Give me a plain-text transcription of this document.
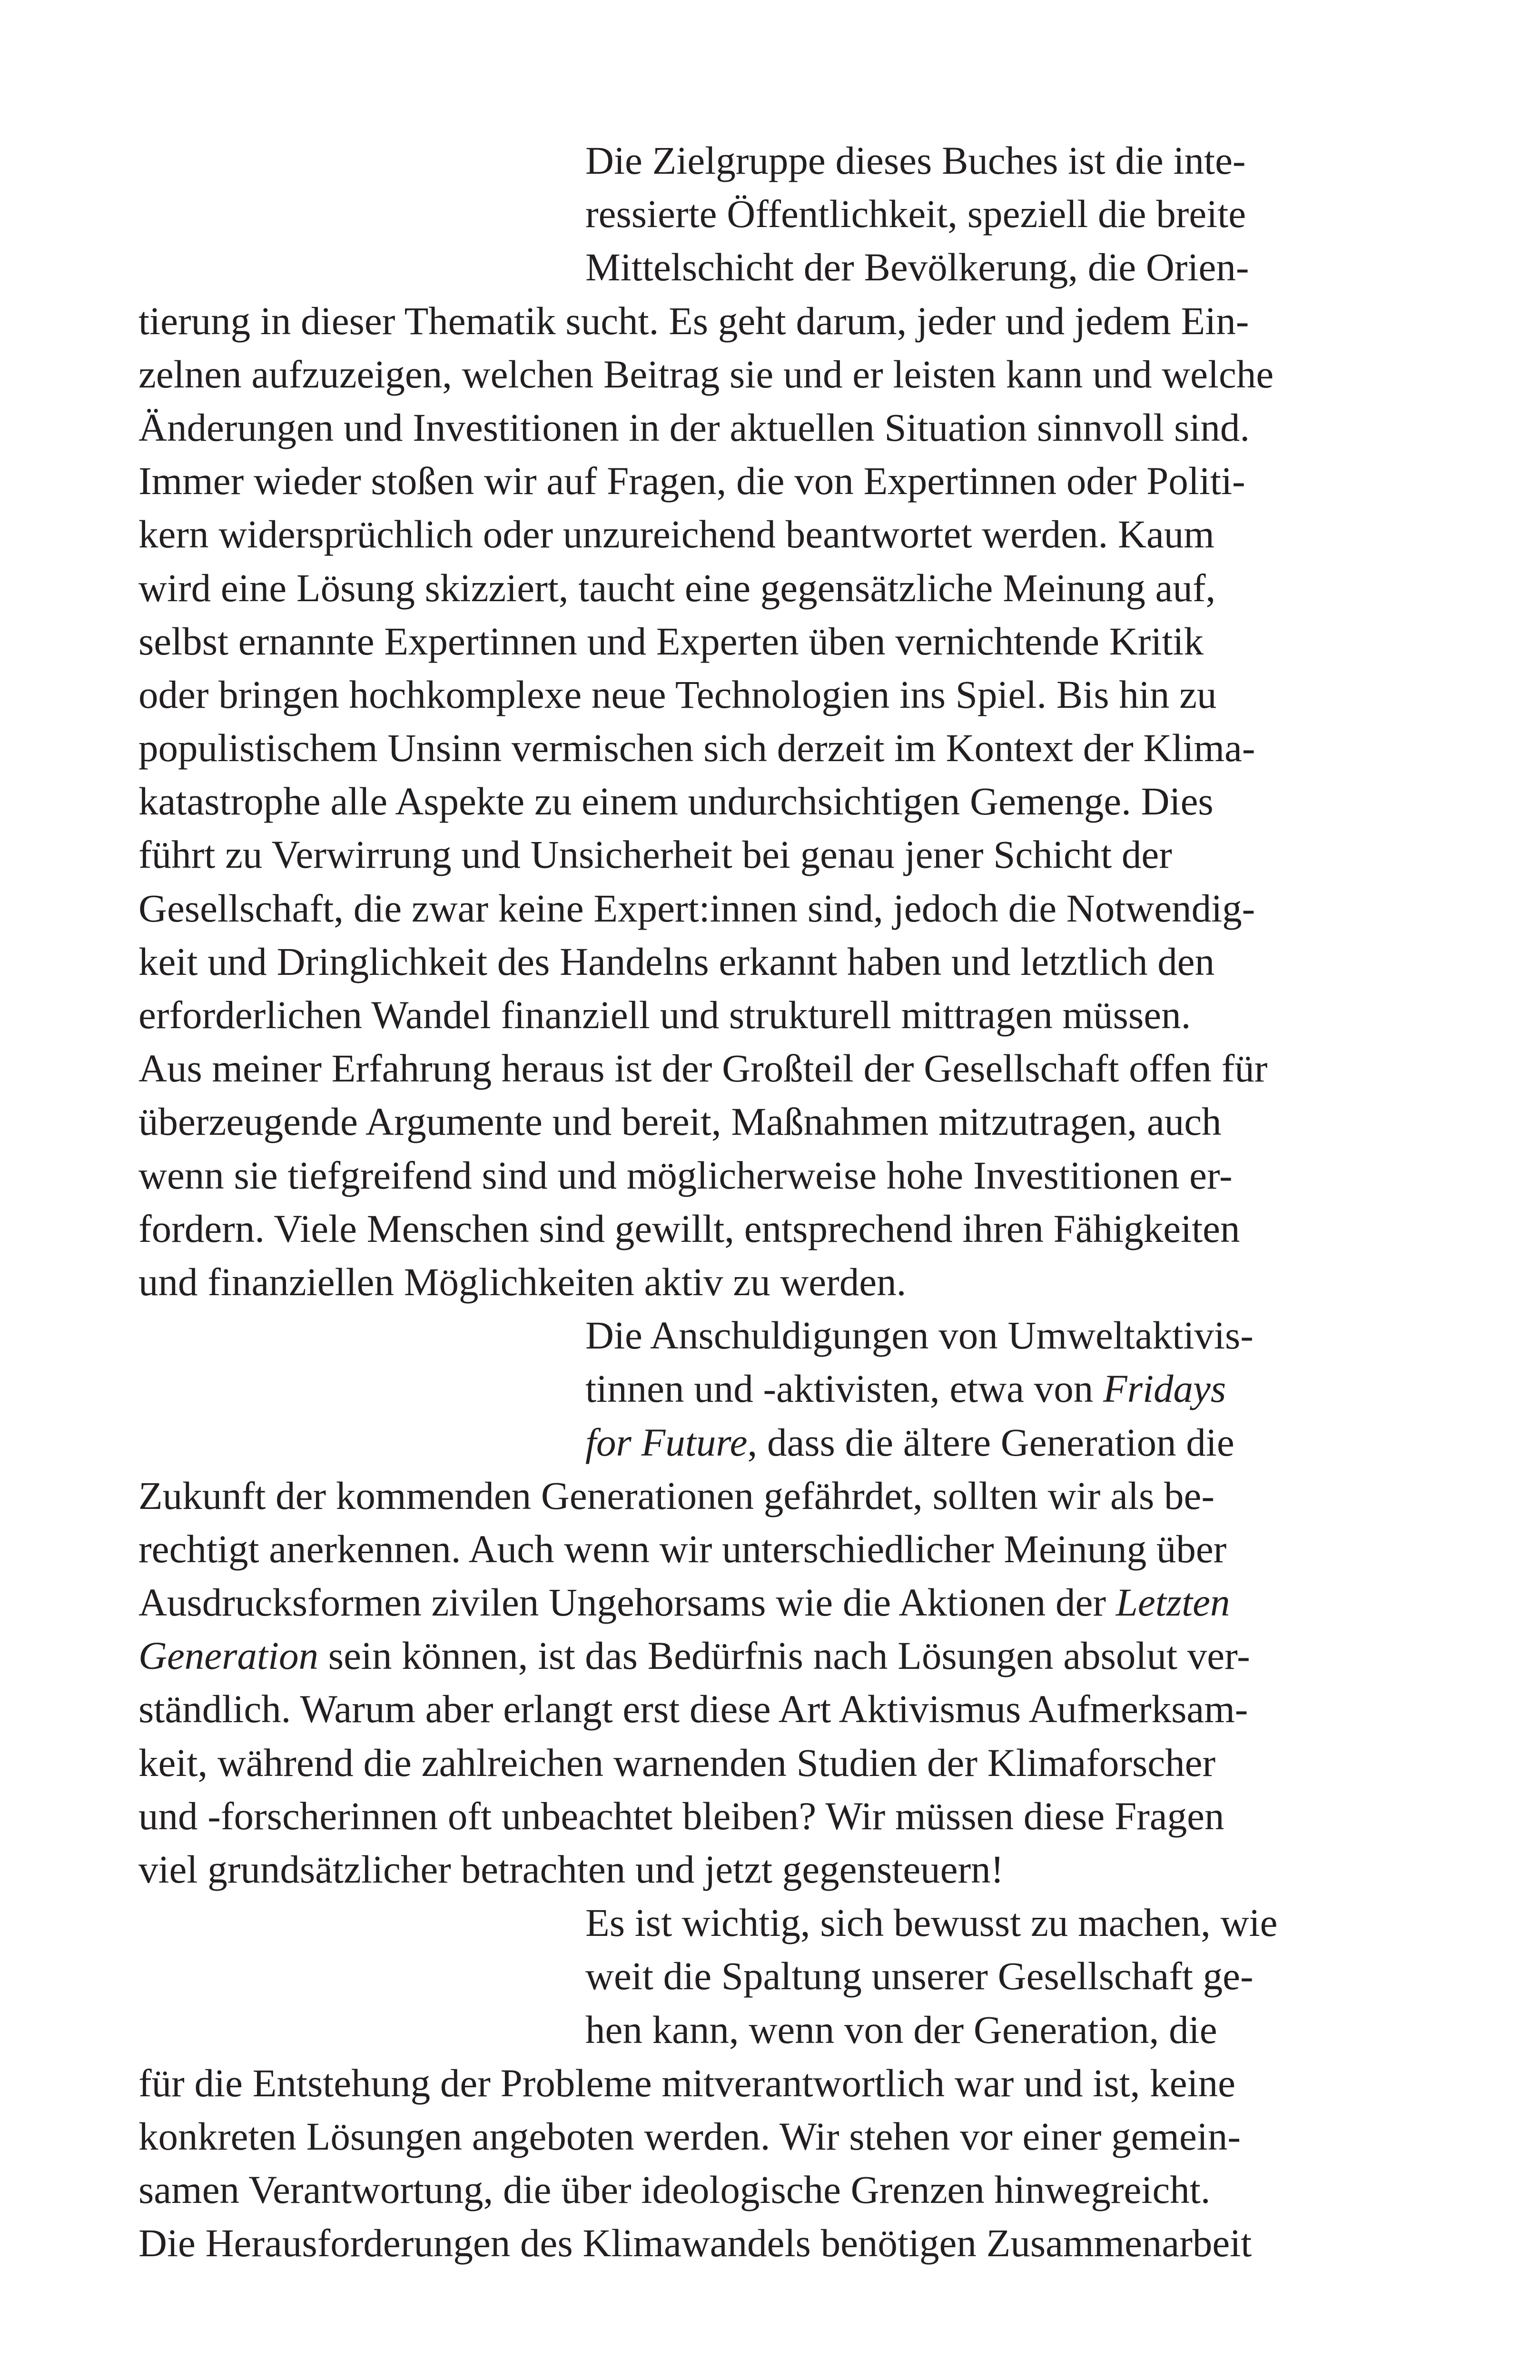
Die Zielgruppe dieses Buches ist die inte-
ressierte Öffentlichkeit, speziell die breite
Mittelschicht der Bevölkerung, die Orien-
tierung in dieser Thematik sucht. Es geht darum, jeder und jedem Ein-
zelnen aufzuzeigen, welchen Beitrag sie und er leisten kann und welche
Änderungen und Investitionen in der aktuellen Situation sinnvoll sind.
Immer wieder stoßen wir auf Fragen, die von Expertinnen oder Politi-
kern widersprüchlich oder unzureichend beantwortet werden. Kaum
wird eine Lösung skizziert, taucht eine gegensätzliche Meinung auf,
selbst ernannte Expertinnen und Experten üben vernichtende Kritik
oder bringen hochkomplexe neue Technologien ins Spiel. Bis hin zu
populistischem Unsinn vermischen sich derzeit im Kontext der Klima-
katastrophe alle Aspekte zu einem undurchsichtigen Gemenge. Dies
führt zu Verwirrung und Unsicherheit bei genau jener Schicht der
Gesellschaft, die zwar keine Expert:innen sind, jedoch die Notwendig-
keit und Dringlichkeit des Handelns erkannt haben und letztlich den
erforderlichen Wandel finanziell und strukturell mittragen müssen.
Aus meiner Erfahrung heraus ist der Großteil der Gesellschaft offen für
überzeugende Argumente und bereit, Maßnahmen mitzutragen, auch
wenn sie tiefgreifend sind und möglicherweise hohe Investitionen er-
fordern. Viele Menschen sind gewillt, entsprechend ihren Fähigkeiten
und finanziellen Möglichkeiten aktiv zu werden.
Die Anschuldigungen von Umweltaktivis-
tinnen und -aktivisten, etwa von Fridays
for Future, dass die ältere Generation die
Zukunft der kommenden Generationen gefährdet, sollten wir als be-
rechtigt anerkennen. Auch wenn wir unterschiedlicher Meinung über
Ausdrucksformen zivilen Ungehorsams wie die Aktionen der Letzten
Generation sein können, ist das Bedürfnis nach Lösungen absolut ver-
ständlich. Warum aber erlangt erst diese Art Aktivismus Aufmerksam-
keit, während die zahlreichen warnenden Studien der Klimaforscher
und -forscherinnen oft unbeachtet bleiben? Wir müssen diese Fragen
viel grundsätzlicher betrachten und jetzt gegensteuern!
Es ist wichtig, sich bewusst zu machen, wie
weit die Spaltung unserer Gesellschaft ge-
hen kann, wenn von der Generation, die
für die Entstehung der Probleme mitverantwortlich war und ist, keine
konkreten Lösungen angeboten werden. Wir stehen vor einer gemein-
samen Verantwortung, die über ideologische Grenzen hinwegreicht.
Die Herausforderungen des Klimawandels benötigen Zusammenarbeit
